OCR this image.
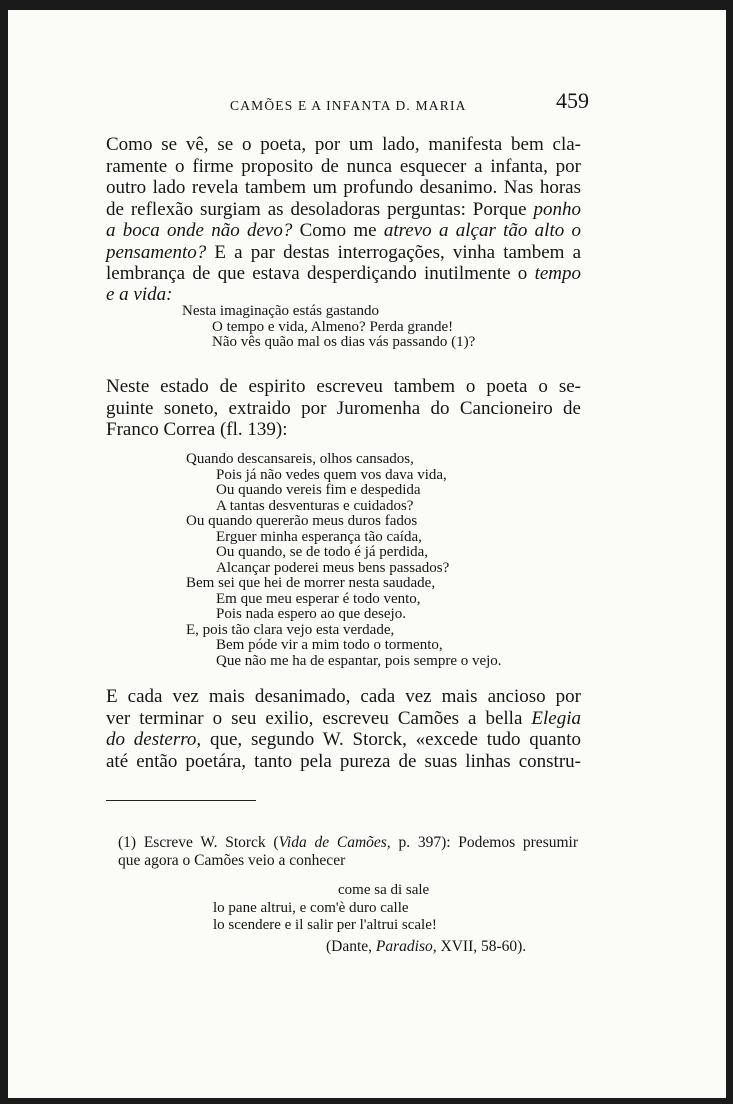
CAMÕES E A INFANTA D. MARIA	459
Como se vê, se o poeta, por um lado, manifesta bem cla-
ramente o firme proposito de nunca esquecer a infanta, por
outro lado revela tambem um profundo desanimo. Nas horas
de reflexão surgiam as desoladoras perguntas: Porque ponho
a boca onde não devo? Como me atrevo a alçar tão alto o
pensamento? E a par destas interrogações, vinha tambem a
lembrança de que estava desperdiçando inutilmente o tempo
e a vida:
Nesta imaginação estás gastando
O tempo e vida, Almeno? Perda grande!
Não vês quão mal os dias vás passando (1)?
Neste estado de espirito escreveu tambem o poeta o se-
guinte soneto, extraido por Juromenha do Cancioneiro de
Franco Correa (fl. 139):
Quando descansareis, olhos cansados,
Pois já não vedes quem vos dava vida,
Ou quando vereis fim e despedida
A tantas desventuras e cuidados?
Ou quando quererão meus duros fados
Erguer minha esperança tão caída,
Ou quando, se de todo é já perdida,
Alcançar poderei meus bens passados?
Bem sei que hei de morrer nesta saudade,
Em que meu esperar é todo vento,
Pois nada espero ao que desejo.
E, pois tão clara vejo esta verdade,
Bem póde vir a mim todo o tormento,
Que não me ha de espantar, pois sempre o vejo.
E cada vez mais desanimado, cada vez mais ancioso por
ver terminar o seu exilio, escreveu Camões a bella Elegia
do desterro, que, segundo W. Storck, «excede tudo quanto
até então poetára, tanto pela pureza de suas linhas constru-
(1) Escreve W. Storck (Vida de Camões, p. 397): Podemos presumir
que agora o Camões veio a conhecer
come sa di sale
lo pane altrui, e com'è duro calle
lo scendere e il salir per l'altrui scale!
(Dante, Paradiso, XVII, 58-60).
